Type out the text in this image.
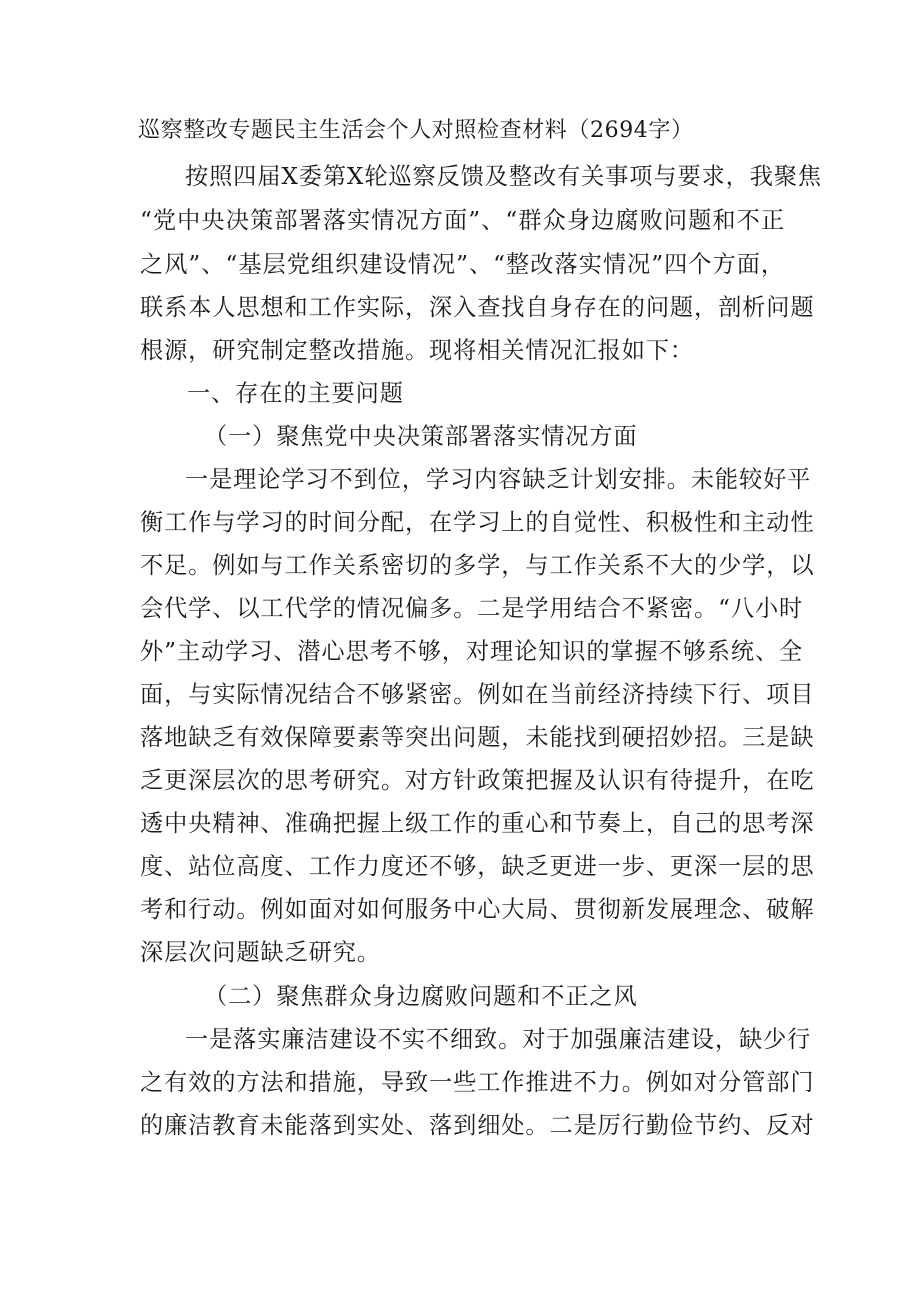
巡察整改专题民主生活会个人对照检查材料（2694字）
按照四届X委第X轮巡察反馈及整改有关事项与要求，我聚焦
“党中央决策部署落实情况方面”、“群众身边腐败问题和不正
之风”、“基层党组织建设情况”、“整改落实情况”四个方面，
联系本人思想和工作实际，深入查找自身存在的问题，剖析问题
根源，研究制定整改措施。现将相关情况汇报如下：
一、存在的主要问题
（一）聚焦党中央决策部署落实情况方面
一是理论学习不到位，学习内容缺乏计划安排。未能较好平
衡工作与学习的时间分配，在学习上的自觉性、积极性和主动性
不足。例如与工作关系密切的多学，与工作关系不大的少学，以
会代学、以工代学的情况偏多。二是学用结合不紧密。“八小时
外”主动学习、潜心思考不够，对理论知识的掌握不够系统、全
面，与实际情况结合不够紧密。例如在当前经济持续下行、项目
落地缺乏有效保障要素等突出问题，未能找到硬招妙招。三是缺
乏更深层次的思考研究。对方针政策把握及认识有待提升，在吃
透中央精神、准确把握上级工作的重心和节奏上，自己的思考深
度、站位高度、工作力度还不够，缺乏更进一步、更深一层的思
考和行动。例如面对如何服务中心大局、贯彻新发展理念、破解
深层次问题缺乏研究。
（二）聚焦群众身边腐败问题和不正之风
一是落实廉洁建设不实不细致。对于加强廉洁建设，缺少行
之有效的方法和措施，导致一些工作推进不力。例如对分管部门
的廉洁教育未能落到实处、落到细处。二是厉行勤俭节约、反对
